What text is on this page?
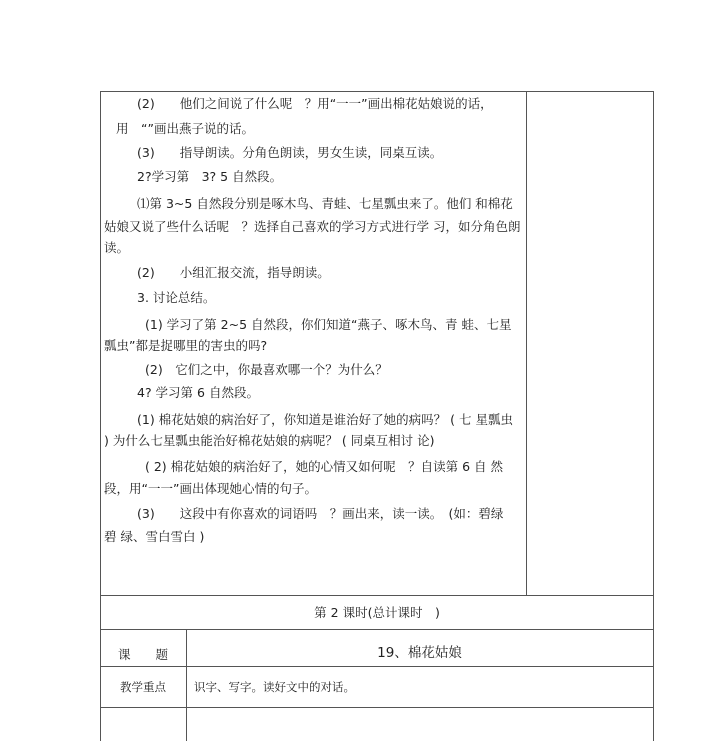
(2)　　他们之间说了什么呢　？用“一一”画出棉花姑娘说的话，
用　“”画出燕子说的话。
(3)　　指导朗读。分角色朗读，男女生读，同桌互读。
2?学习第　3? 5 自然段。
⑴第 3~5 自然段分别是啄木鸟、青蛙、七星瓢虫来了。他们 和棉花
姑娘又说了些什么话呢　？选择自己喜欢的学习方式进行学 习，如分角色朗
读。
(2)　　小组汇报交流，指导朗读。
3. 讨论总结。
(1) 学习了第 2~5 自然段，你们知道“燕子、啄木鸟、青 蛙、七星
瓢虫”都是捉哪里的害虫的吗?
(2)　它们之中，你最喜欢哪一个？为什么？
4? 学习第 6 自然段。
(1) 棉花姑娘的病治好了，你知道是谁治好了她的病吗？ ( 七 星瓢虫
) 为什么七星瓢虫能治好棉花姑娘的病呢？ ( 同桌互相讨 论)
( 2) 棉花姑娘的病治好了，她的心情又如何呢　？自读第 6 自 然
段，用“一一”画出体现她心情的句子。
(3)　　这段中有你喜欢的词语吗　？画出来，读一读。　(如：碧绿
碧 绿、雪白雪白 )
第 2 课时(总计课时　)
课　　题	19、棉花姑娘
教学重点	识字、写字。读好文中的对话。
